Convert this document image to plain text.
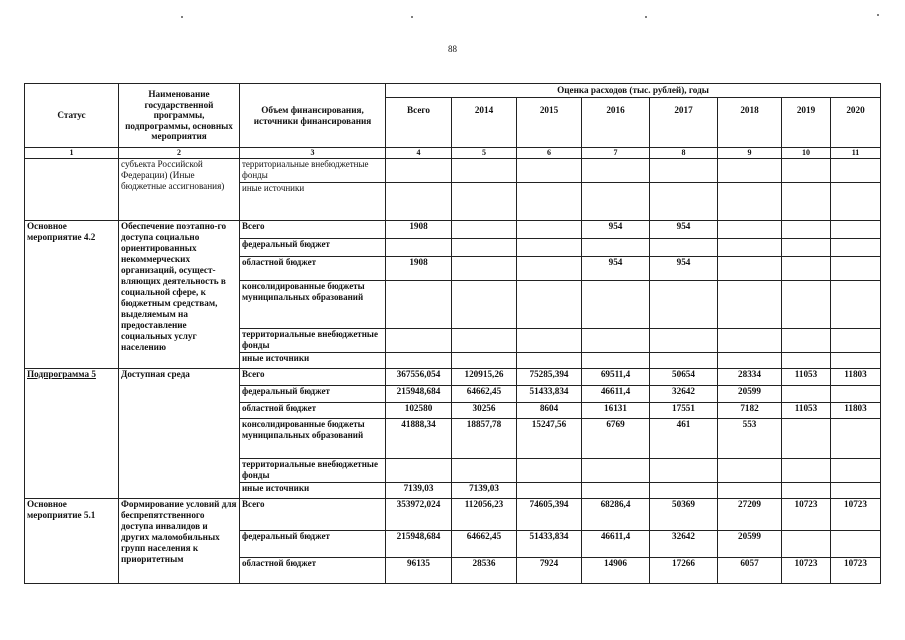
88
Статус	Наименование государственной программы, подпрограммы, основных мероприятия	Объем финансирования, источники финансирования	Оценка расходов (тыс. рублей), годы							
			Всего	2014	2015	2016	2017	2018	2019	2020
1	2	3	4	5	6	7	8	9	10	11
	субъекта Российской Федерации) (Иные бюджетные ассигнования)	территориальные внебюджетные фонды								
		иные источники								
Основное мероприятие 4.2	Обеспечение поэтапно-го доступа социально ориентированных некоммерческих организаций, осущест-вляющих деятельность в социальной сфере, к бюджетным средствам, выделяемым на предоставление социальных услуг населению	Всего	1908			954	954			
		федеральный бюджет								
		областной бюджет	1908			954	954			
		консолидированные бюджеты муниципальных образований								
		территориальные внебюджетные фонды								
		иные источники								
Подпрограмма 5	Доступная среда	Всего	367556,054	120915,26	75285,394	69511,4	50654	28334	11053	11803
		федеральный бюджет	215948,684	64662,45	51433,834	46611,4	32642	20599		
		областной бюджет	102580	30256	8604	16131	17551	7182	11053	11803
		консолидированные бюджеты муниципальных образований	41888,34	18857,78	15247,56	6769	461	553		
		территориальные внебюджетные фонды								
		иные источники	7139,03	7139,03						
Основное мероприятие 5.1	Формирование условий для беспрепятственного доступа инвалидов и других маломобильных групп населения к приоритетным	Всего	353972,024	112056,23	74605,394	68286,4	50369	27209	10723	10723
		федеральный бюджет	215948,684	64662,45	51433,834	46611,4	32642	20599		
		областной бюджет	96135	28536	7924	14906	17266	6057	10723	10723
